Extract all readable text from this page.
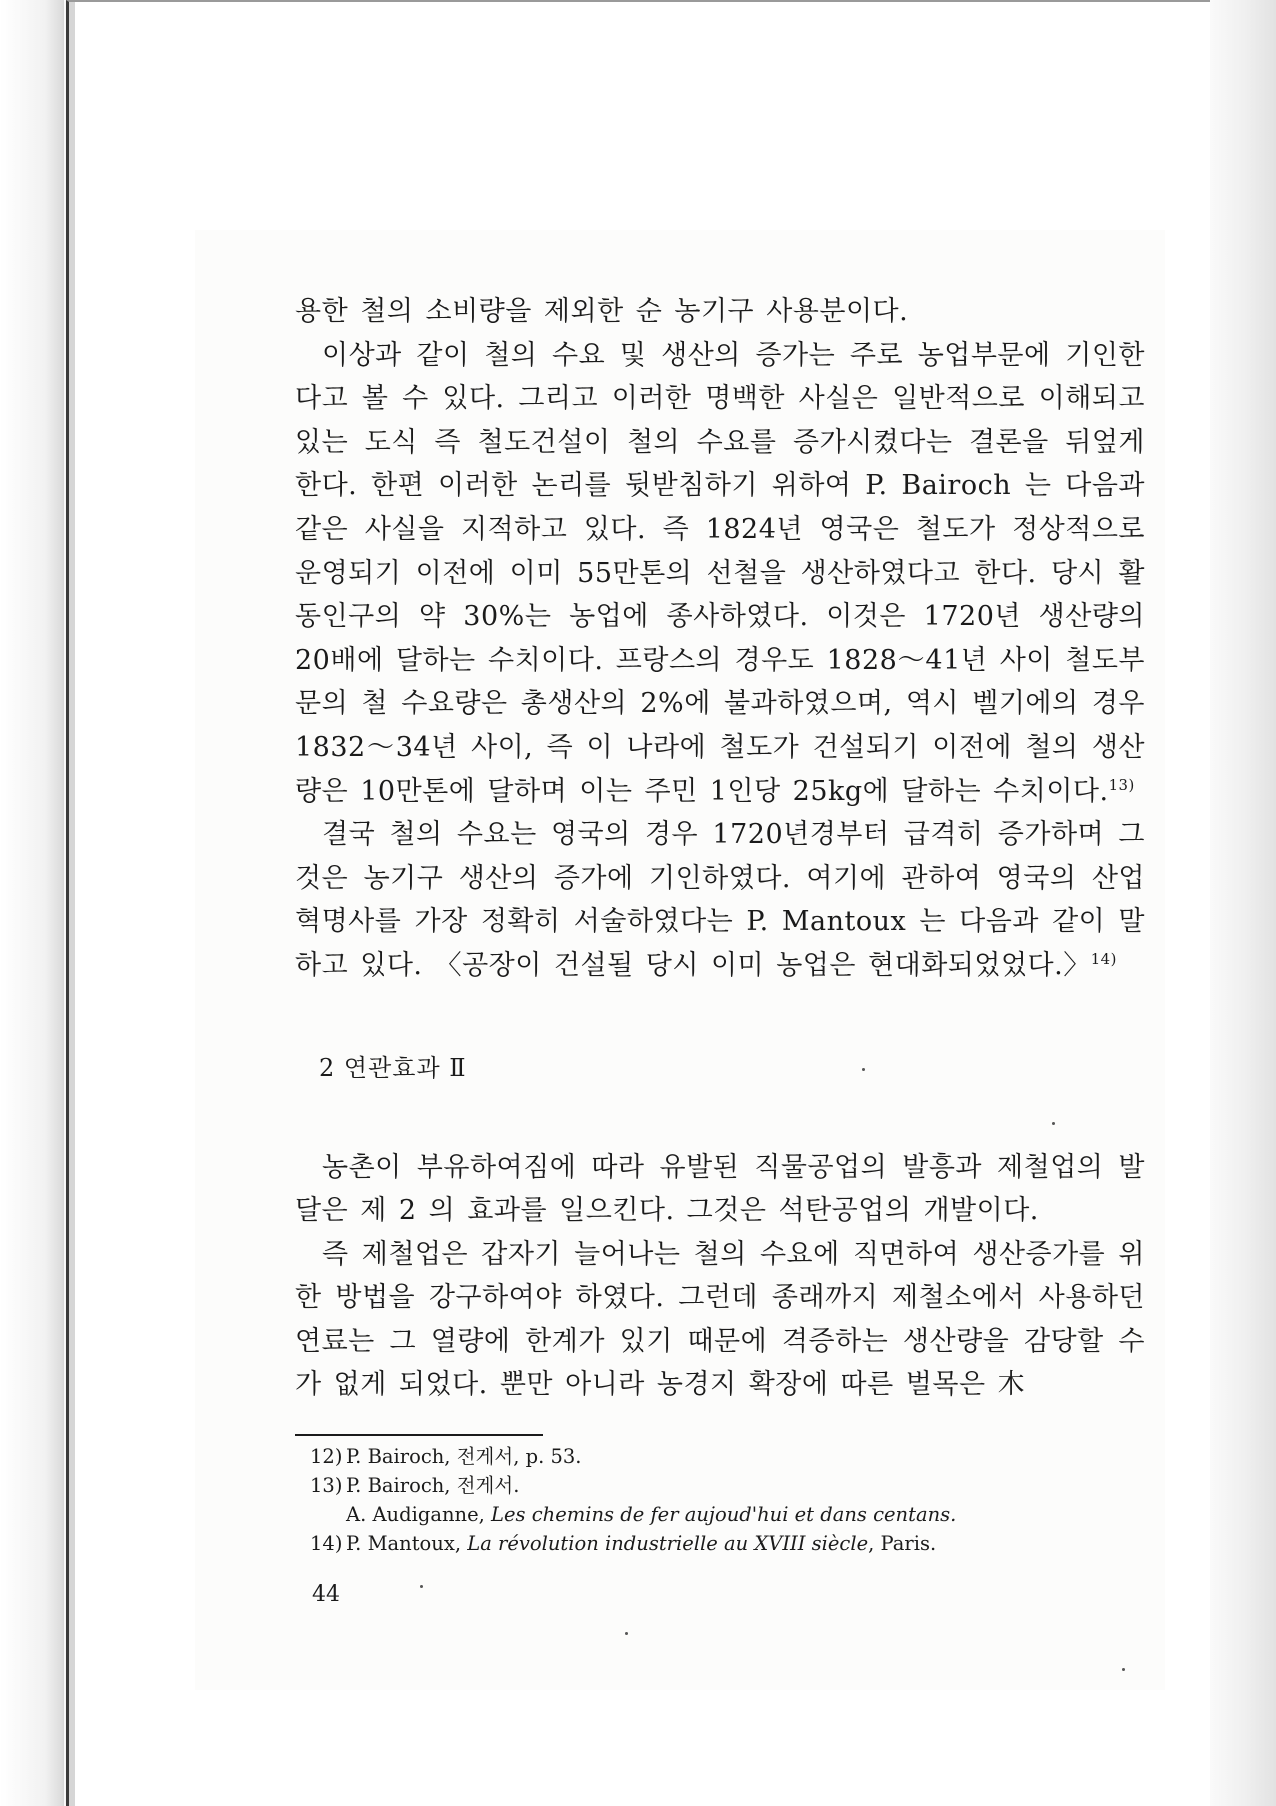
용한 철의 소비량을 제외한 순 농기구 사용분이다.

이상과 같이 철의 수요 및 생산의 증가는 주로 농업부문에 기인한다고 볼 수 있다. 그리고 이러한 명백한 사실은 일반적으로 이해되고 있는 도식 즉 철도건설이 철의 수요를 증가시켰다는 결론을 뒤엎게 한다. 한편 이러한 논리를 뒷받침하기 위하여 P. Bairoch 는 다음과 같은 사실을 지적하고 있다. 즉 1824년 영국은 철도가 정상적으로 운영되기 이전에 이미 55만톤의 선철을 생산하였다고 한다. 당시 활동인구의 약 30%는 농업에 종사하였다. 이것은 1720년 생산량의 20배에 달하는 수치이다. 프랑스의 경우도 1828～41년 사이 철도부문의 철 수요량은 총생산의 2%에 불과하였으며, 역시 벨기에의 경우 1832～34년 사이, 즉 이 나라에 철도가 건설되기 이전에 철의 생산량은 10만톤에 달하며 이는 주민 1인당 25kg에 달하는 수치이다.$^{13)}$

결국 철의 수요는 영국의 경우 1720년경부터 급격히 증가하며 그것은 농기구 생산의 증가에 기인하였다. 여기에 관하여 영국의 산업혁명사를 가장 정확히 서술하였다는 P. Mantoux 는 다음과 같이 말하고 있다. 〈공장이 건설될 당시 이미 농업은 현대화되었었다.〉$^{14)}$

2 연관효과 Ⅱ

농촌이 부유하여짐에 따라 유발된 직물공업의 발흥과 제철업의 발달은 제 2 의 효과를 일으킨다. 그것은 석탄공업의 개발이다.

즉 제철업은 갑자기 늘어나는 철의 수요에 직면하여 생산증가를 위한 방법을 강구하여야 하였다. 그런데 종래까지 제철소에서 사용하던 연료는 그 열량에 한계가 있기 때문에 격증하는 생산량을 감당할 수가 없게 되었다. 뿐만 아니라 농경지 확장에 따른 벌목은 木

12) P. Bairoch, 전게서, p. 53.
13) P. Bairoch, 전게서.
A. Audiganne, Les chemins de fer aujoud'hui et dans centans.
14) P. Mantoux, La révolution industrielle au XVIII siècle, Paris.
44
